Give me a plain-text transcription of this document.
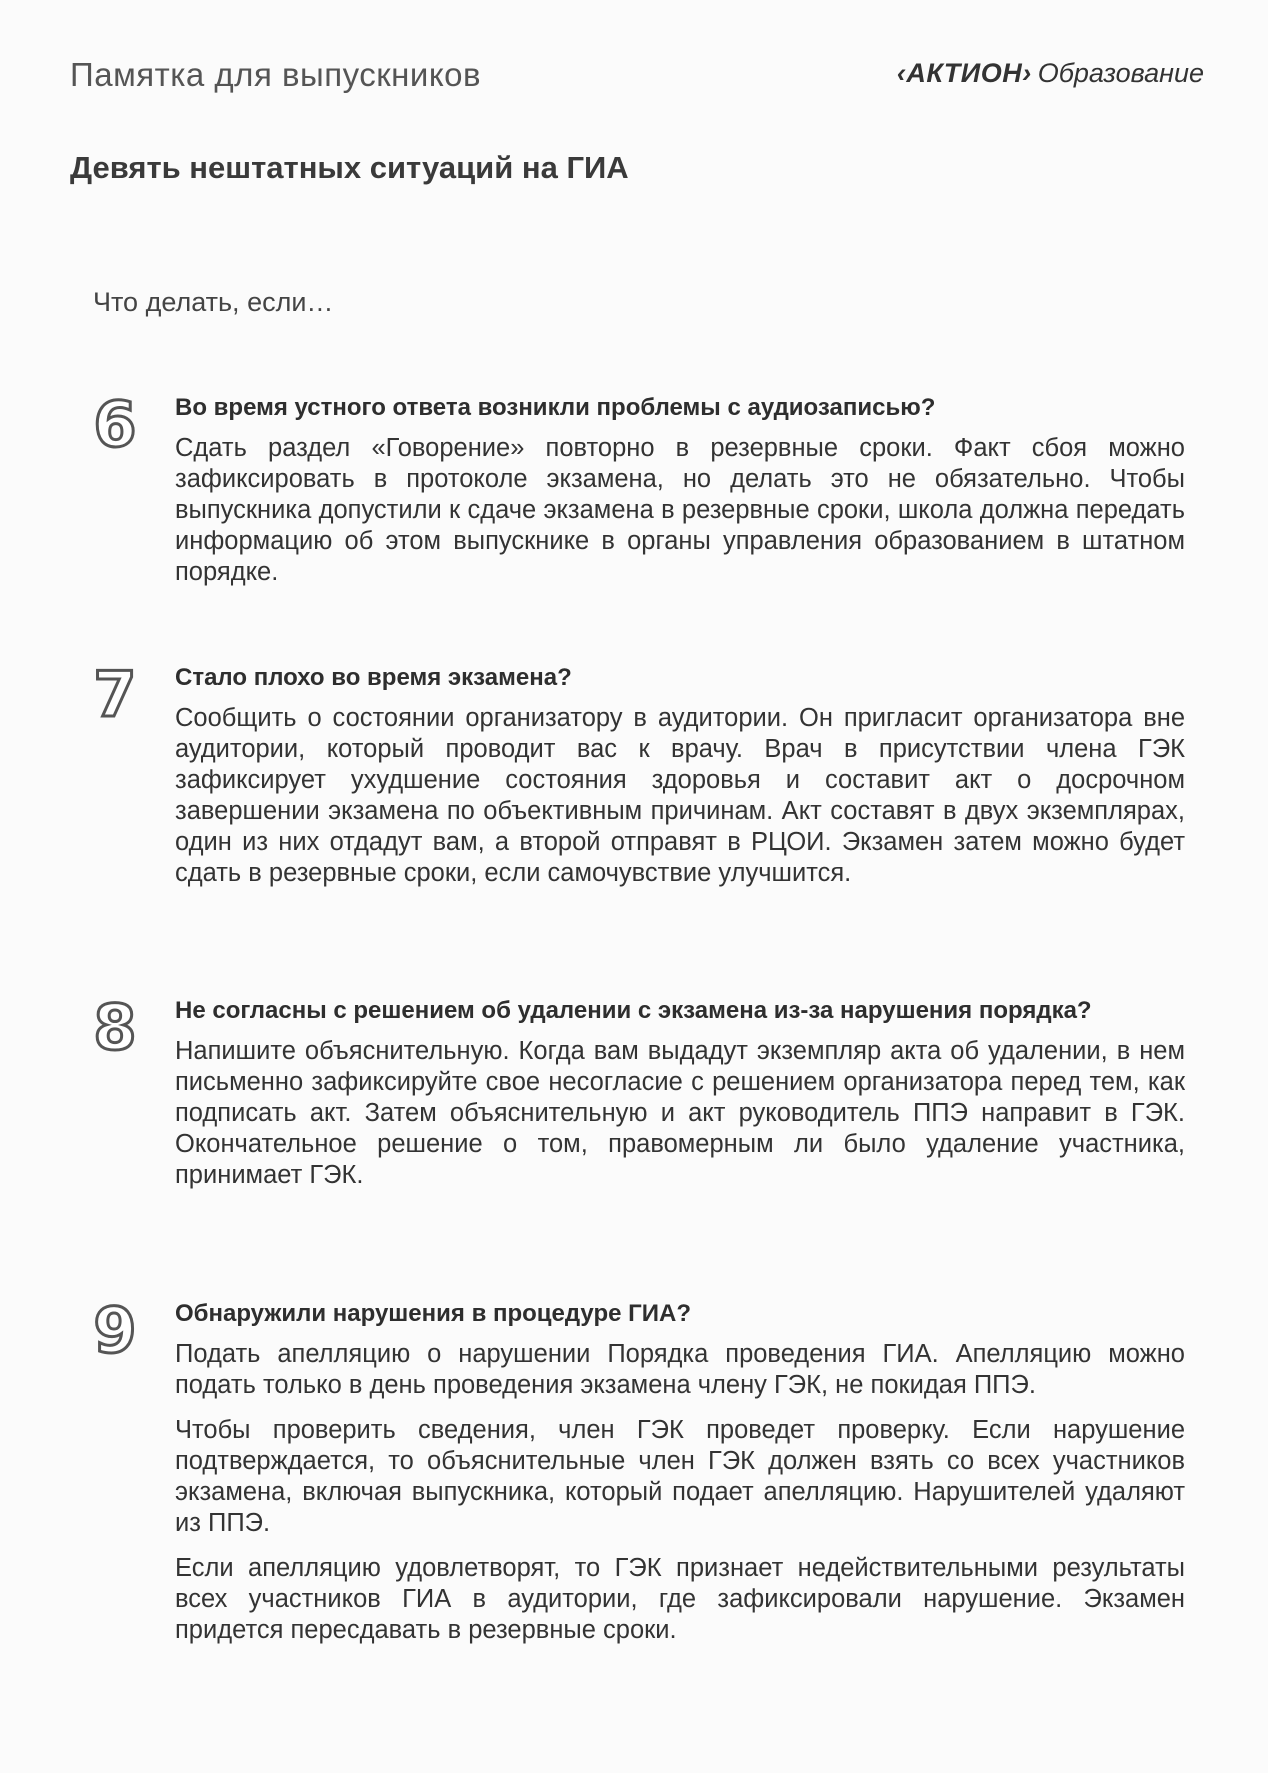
Памятка для выпускников	‹АКТИОН› Образование
Девять нештатных ситуаций на ГИА
Что делать, если…
6	Во время устного ответа возникли проблемы с аудиозаписью?
Сдать раздел «Говорение» повторно в резервные сроки. Факт сбоя можно зафиксировать в протоколе экзамена, но делать это не обязательно. Чтобы выпускника допустили к сдаче экзамена в резервные сроки, школа должна передать информацию об этом выпускнике в органы управления образованием в штатном порядке.
7	Стало плохо во время экзамена?
Сообщить о состоянии организатору в аудитории. Он пригласит организатора вне аудитории, который проводит вас к врачу. Врач в присутствии члена ГЭК зафиксирует ухудшение состояния здоровья и составит акт о досрочном завершении экзамена по объективным причинам. Акт составят в двух экземплярах, один из них отдадут вам, а второй отправят в РЦОИ. Экзамен затем можно будет сдать в резервные сроки, если самочувствие улучшится.
8	Не согласны с решением об удалении с экзамена из-за нарушения порядка?
Напишите объяснительную. Когда вам выдадут экземпляр акта об удалении, в нем письменно зафиксируйте свое несогласие с решением организатора перед тем, как подписать акт. Затем объяснительную и акт руководитель ППЭ направит в ГЭК. Окончательное решение о том, правомерным ли было удаление участника, принимает ГЭК.
9	Обнаружили нарушения в процедуре ГИА?
Подать апелляцию о нарушении Порядка проведения ГИА. Апелляцию можно подать только в день проведения экзамена члену ГЭК, не покидая ППЭ.
Чтобы проверить сведения, член ГЭК проведет проверку. Если нарушение подтверждается, то объяснительные член ГЭК должен взять со всех участников экзамена, включая выпускника, который подает апелляцию. Нарушителей удаляют из ППЭ.
Если апелляцию удовлетворят, то ГЭК признает недействительными результаты всех участников ГИА в аудитории, где зафиксировали нарушение. Экзамен придется пересдавать в резервные сроки.
